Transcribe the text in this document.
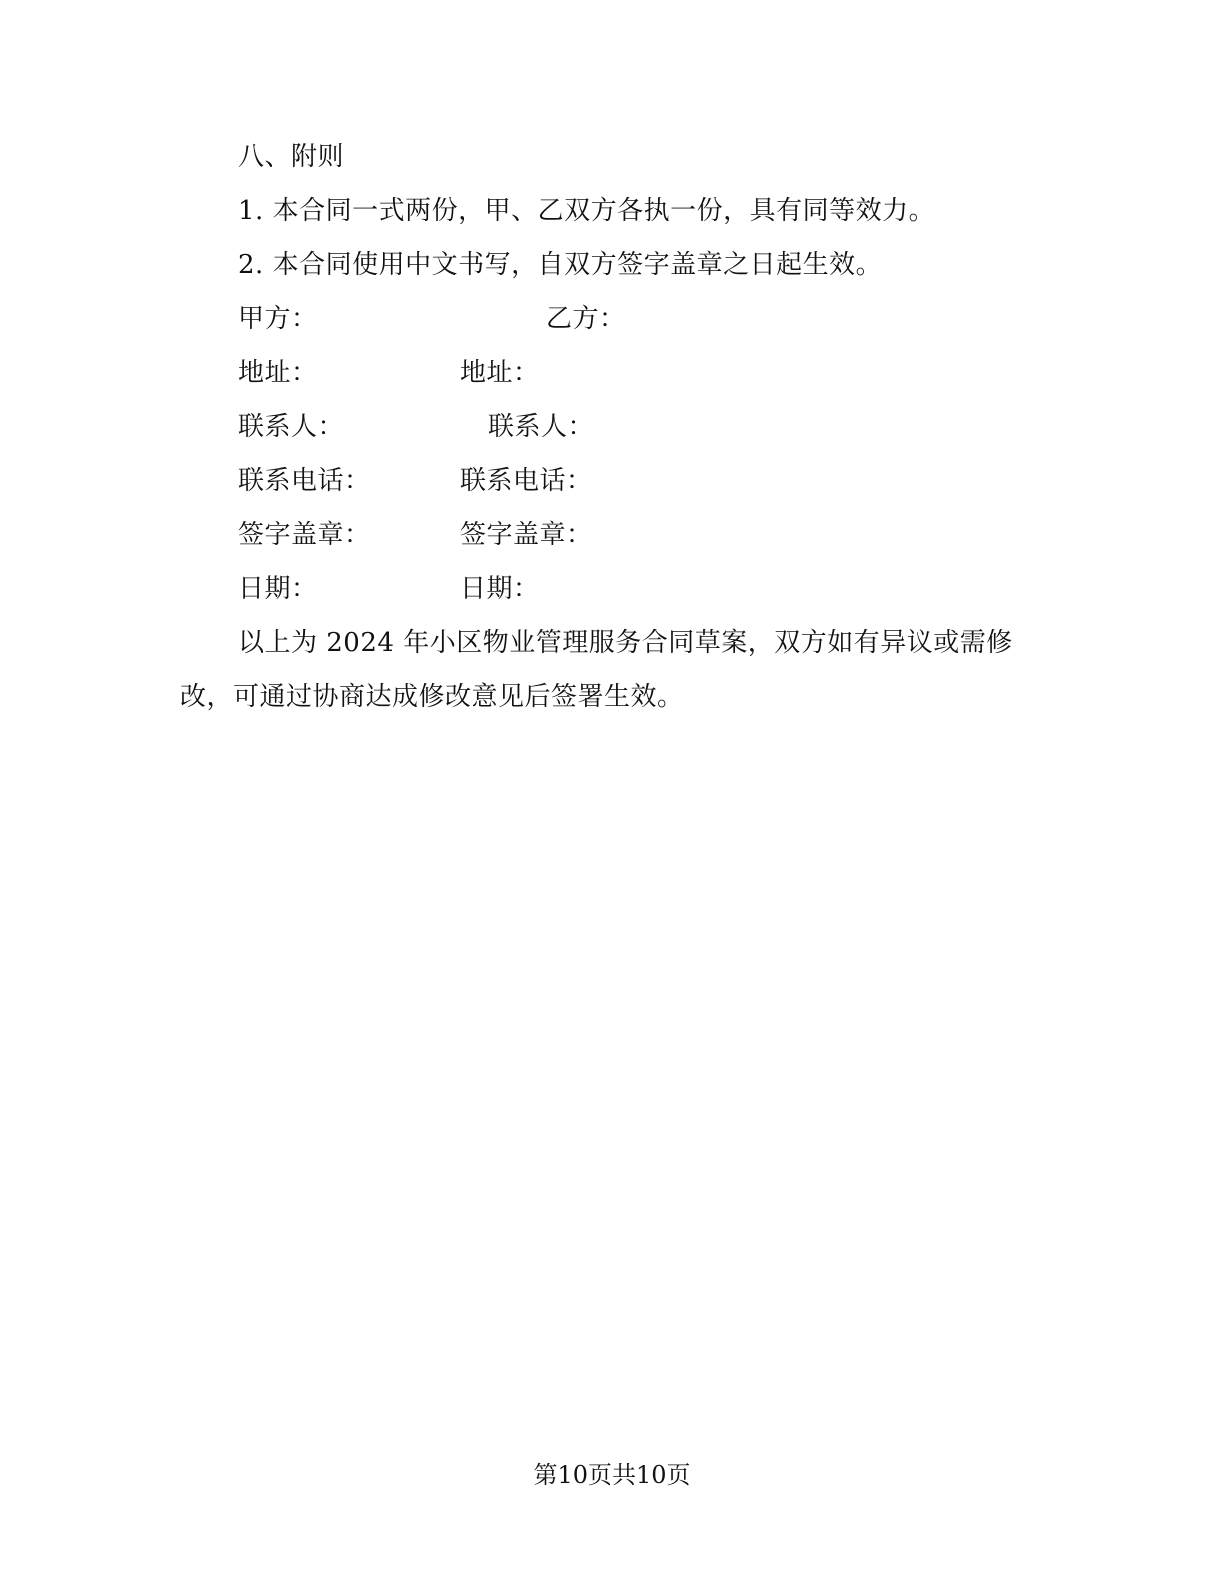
八、附则
1. 本合同一式两份，甲、乙双方各执一份，具有同等效力。
2. 本合同使用中文书写，自双方签字盖章之日起生效。
甲方：	乙方：
地址：	地址：
联系人：	联系人：
联系电话：	联系电话：
签字盖章：	签字盖章：
日期：	日期：
以上为 2024 年小区物业管理服务合同草案，双方如有异议或需修
改，可通过协商达成修改意见后签署生效。
第10页共10页
